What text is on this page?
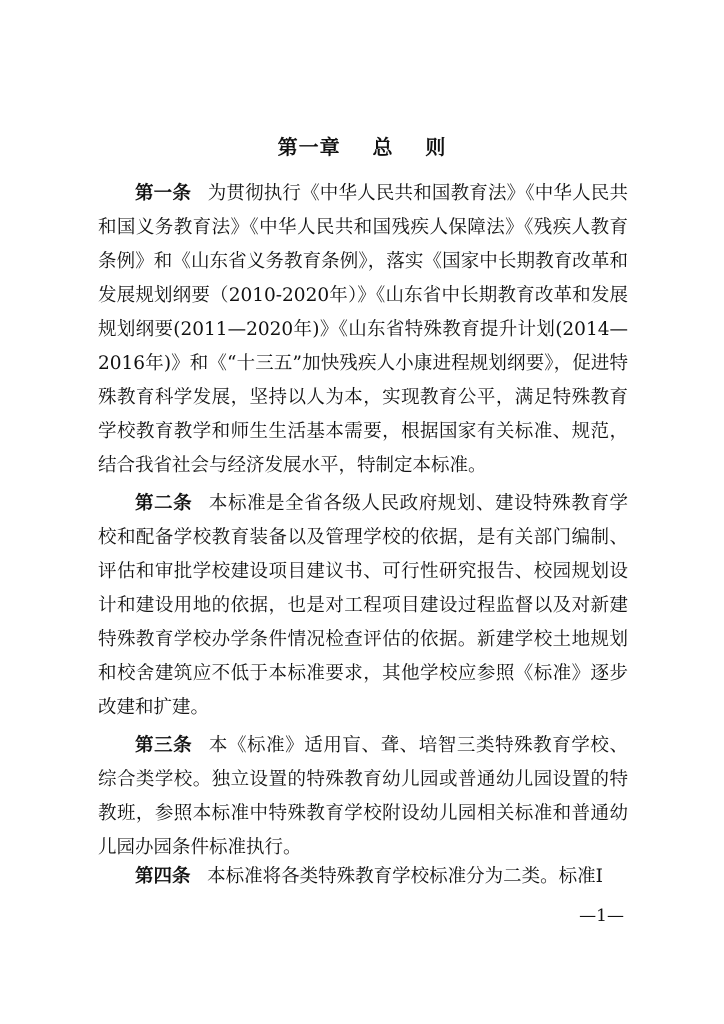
第一章    总    则

第一条 为贯彻执行《中华人民共和国教育法》《中华人民共和国义务教育法》《中华人民共和国残疾人保障法》《残疾人教育条例》和《山东省义务教育条例》，落实《国家中长期教育改革和发展规划纲要（2010-2020年）》《山东省中长期教育改革和发展规划纲要(2011—2020年)》《山东省特殊教育提升计划(2014—2016年)》和《“十三五”加快残疾人小康进程规划纲要》，促进特殊教育科学发展，坚持以人为本，实现教育公平，满足特殊教育学校教育教学和师生生活基本需要，根据国家有关标准、规范，结合我省社会与经济发展水平，特制定本标准。

第二条 本标准是全省各级人民政府规划、建设特殊教育学校和配备学校教育装备以及管理学校的依据，是有关部门编制、评估和审批学校建设项目建议书、可行性研究报告、校园规划设计和建设用地的依据，也是对工程项目建设过程监督以及对新建特殊教育学校办学条件情况检查评估的依据。新建学校土地规划和校舍建筑应不低于本标准要求，其他学校应参照《标准》逐步改建和扩建。

第三条 本《标准》适用盲、聋、培智三类特殊教育学校、综合类学校。独立设置的特殊教育幼儿园或普通幼儿园设置的特教班，参照本标准中特殊教育学校附设幼儿园相关标准和普通幼儿园办园条件标准执行。

第四条 本标准将各类特殊教育学校标准分为二类。标准Ⅰ

—1—
